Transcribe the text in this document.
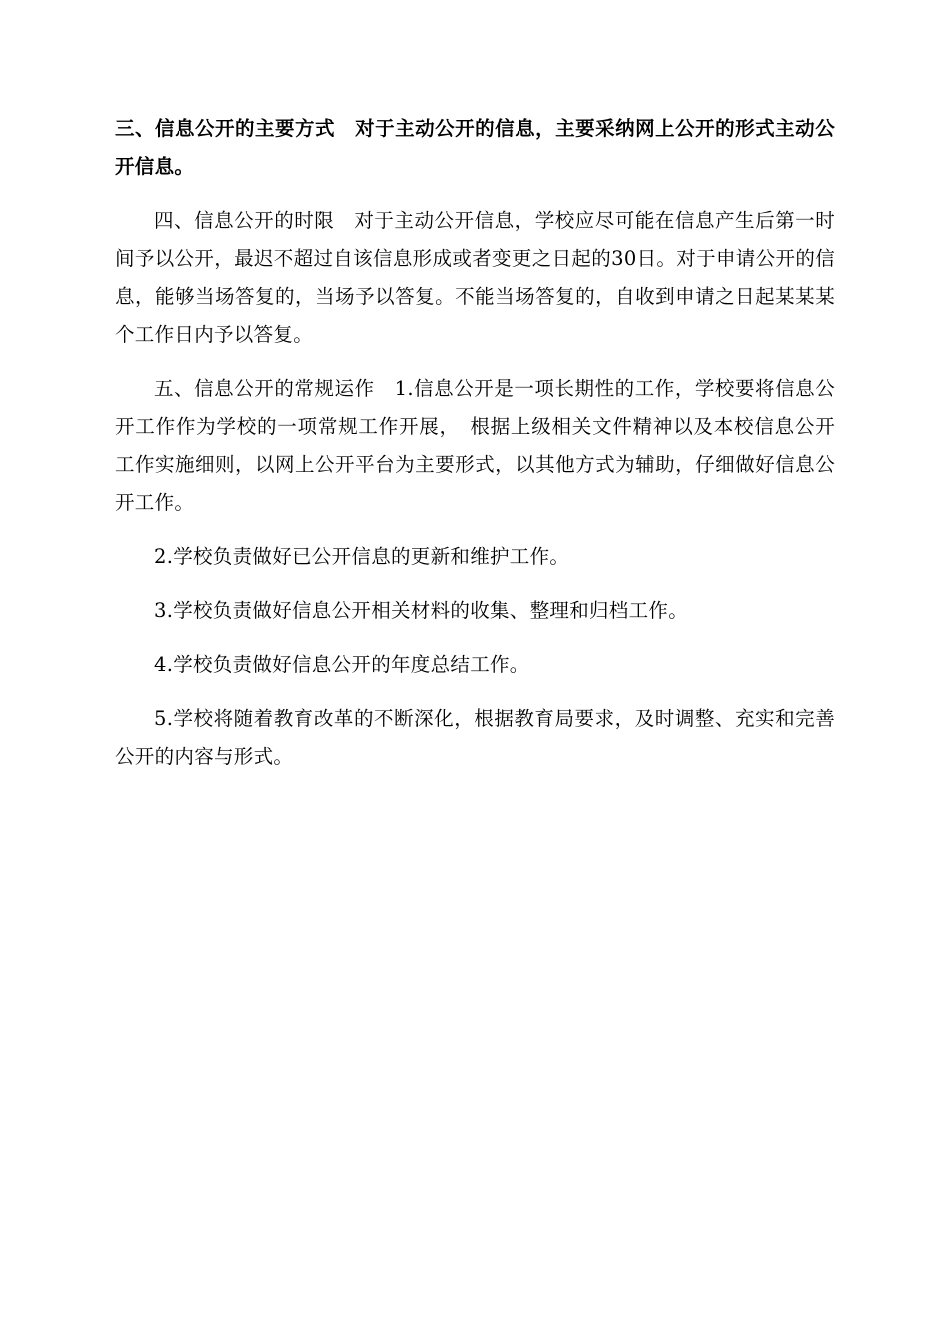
三、信息公开的主要方式　对于主动公开的信息，主要采纳网上公开的形式主动公开信息。

四、信息公开的时限　对于主动公开信息，学校应尽可能在信息产生后第一时间予以公开，最迟不超过自该信息形成或者变更之日起的30日。对于申请公开的信息，能够当场答复的，当场予以答复。不能当场答复的，自收到申请之日起某某某个工作日内予以答复。

五、信息公开的常规运作　1.信息公开是一项长期性的工作，学校要将信息公开工作作为学校的一项常规工作开展，　根据上级相关文件精神以及本校信息公开工作实施细则，以网上公开平台为主要形式，以其他方式为辅助，仔细做好信息公开工作。

2.学校负责做好已公开信息的更新和维护工作。

3.学校负责做好信息公开相关材料的收集、整理和归档工作。

4.学校负责做好信息公开的年度总结工作。

5.学校将随着教育改革的不断深化，根据教育局要求，及时调整、充实和完善公开的内容与形式。
